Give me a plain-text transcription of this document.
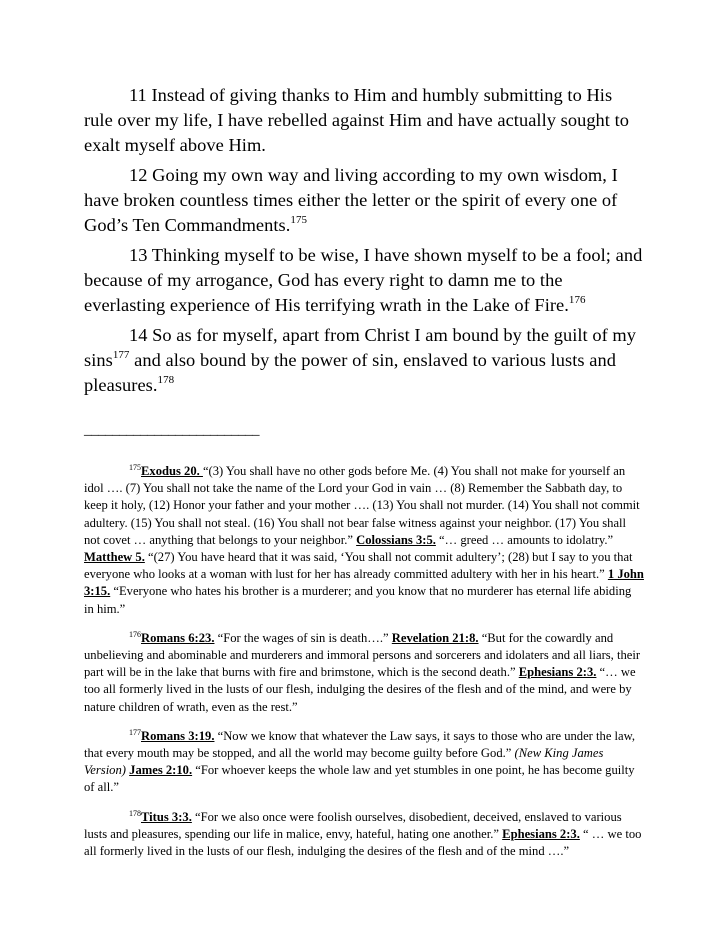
11 Instead of giving thanks to Him and humbly submitting to His rule over my life, I have rebelled against Him and have actually sought to exalt myself above Him.

12 Going my own way and living according to my own wisdom, I have broken countless times either the letter or the spirit of every one of God’s Ten Commandments.$^{175}$

13 Thinking myself to be wise, I have shown myself to be a fool; and because of my arrogance, God has every right to damn me to the everlasting experience of His terrifying wrath in the Lake of Fire.$^{176}$

14 So as for myself, apart from Christ I am bound by the guilt of my sins$^{177}$ and also bound by the power of sin, enslaved to various lusts and pleasures.$^{178}$

_________________________

$^{175}$Exodus 20. “(3) You shall have no other gods before Me. (4) You shall not make for yourself an idol …. (7) You shall not take the name of the Lord your God in vain … (8) Remember the Sabbath day, to keep it holy, (12) Honor your father and your mother …. (13) You shall not murder. (14) You shall not commit adultery. (15) You shall not steal. (16) You shall not bear false witness against your neighbor. (17) You shall not covet … anything that belongs to your neighbor.” Colossians 3:5. “… greed … amounts to idolatry.” Matthew 5. “(27) You have heard that it was said, ‘You shall not commit adultery’; (28) but I say to you that everyone who looks at a woman with lust for her has already committed adultery with her in his heart.” 1 John 3:15. “Everyone who hates his brother is a murderer; and you know that no murderer has eternal life abiding in him.”

$^{176}$Romans 6:23. “For the wages of sin is death….” Revelation 21:8. “But for the cowardly and unbelieving and abominable and murderers and immoral persons and sorcerers and idolaters and all liars, their part will be in the lake that burns with fire and brimstone, which is the second death.” Ephesians 2:3. “… we too all formerly lived in the lusts of our flesh, indulging the desires of the flesh and of the mind, and were by nature children of wrath, even as the rest.”

$^{177}$Romans 3:19. “Now we know that whatever the Law says, it says to those who are under the law, that every mouth may be stopped, and all the world may become guilty before God.” (New King James Version) James 2:10. “For whoever keeps the whole law and yet stumbles in one point, he has become guilty of all.”

$^{178}$Titus 3:3. “For we also once were foolish ourselves, disobedient, deceived, enslaved to various lusts and pleasures, spending our life in malice, envy, hateful, hating one another.” Ephesians 2:3. “ … we too all formerly lived in the lusts of our flesh, indulging the desires of the flesh and of the mind ….”
